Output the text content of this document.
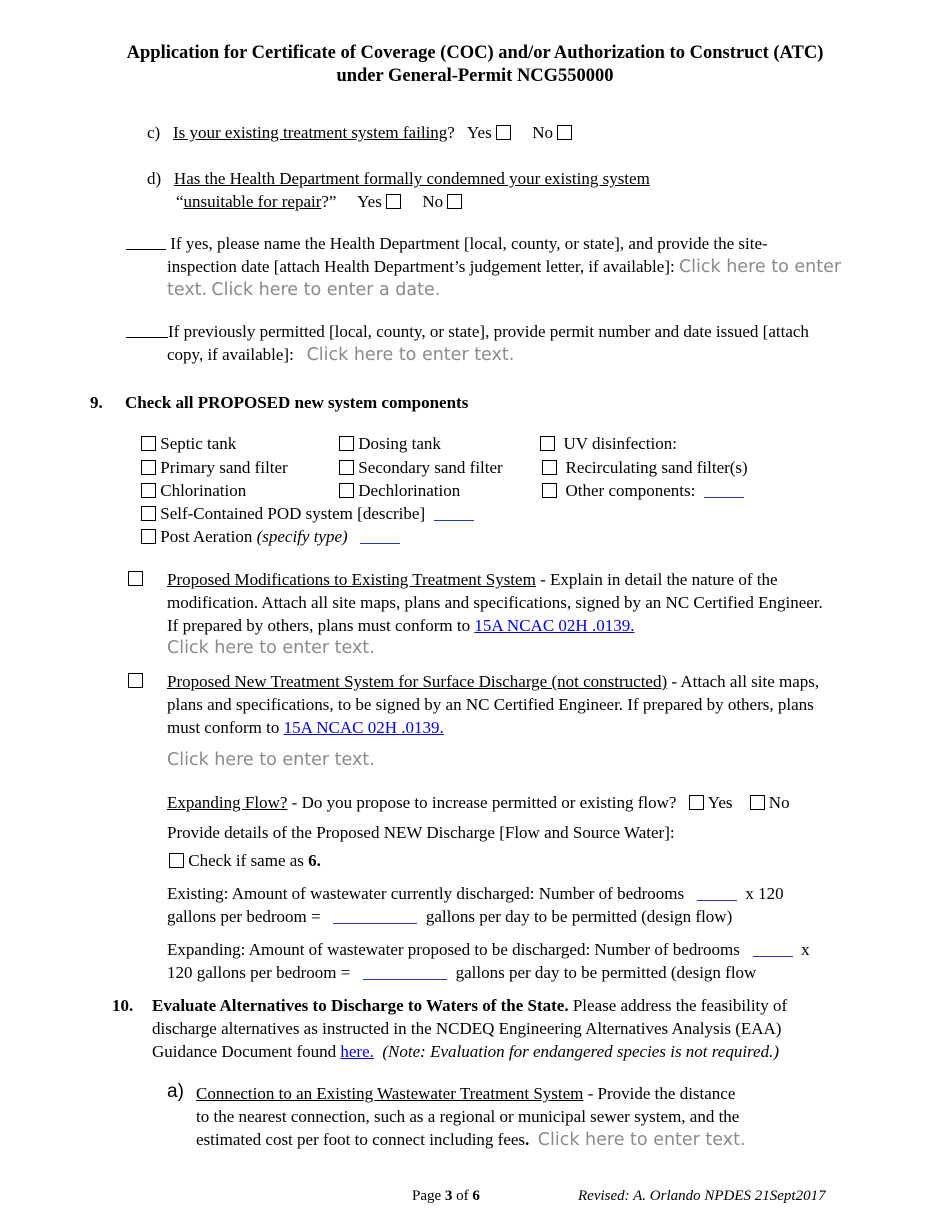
Application for Certificate of Coverage (COC) and/or Authorization to Construct (ATC)
under General-Permit NCG550000
c) Is your existing treatment system failing? Yes No
d) Has the Health Department formally condemned your existing system
“unsuitable for repair?” Yes No
If yes, please name the Health Department [local, county, or state], and provide the site-
inspection date [attach Health Department’s judgement letter, if available]: Click here to enter
text. Click here to enter a date.
If previously permitted [local, county, or state], provide permit number and date issued [attach
copy, if available]: Click here to enter text.
9. Check all PROPOSED new system components
Septic tank	Dosing tank	UV disinfection:
Primary sand filter	Secondary sand filter	Recirculating sand filter(s)
Chlorination	Dechlorination	Other components:
Self-Contained POD system [describe]
Post Aeration (specify type)
Proposed Modifications to Existing Treatment System - Explain in detail the nature of the
modification. Attach all site maps, plans and specifications, signed by an NC Certified Engineer.
If prepared by others, plans must conform to 15A NCAC 02H .0139.
Click here to enter text.
Proposed New Treatment System for Surface Discharge (not constructed) - Attach all site maps,
plans and specifications, to be signed by an NC Certified Engineer. If prepared by others, plans
must conform to 15A NCAC 02H .0139.
Click here to enter text.
Expanding Flow? - Do you propose to increase permitted or existing flow? Yes No
Provide details of the Proposed NEW Discharge [Flow and Source Water]:
Check if same as 6.
Existing: Amount of wastewater currently discharged: Number of bedrooms	x 120
gallons per bedroom =	gallons per day to be permitted (design flow)
Expanding: Amount of wastewater proposed to be discharged: Number of bedrooms	x
120 gallons per bedroom =	gallons per day to be permitted (design flow
10. Evaluate Alternatives to Discharge to Waters of the State. Please address the feasibility of
discharge alternatives as instructed in the NCDEQ Engineering Alternatives Analysis (EAA)
Guidance Document found here. (Note: Evaluation for endangered species is not required.)
a) Connection to an Existing Wastewater Treatment System - Provide the distance
to the nearest connection, such as a regional or municipal sewer system, and the
estimated cost per foot to connect including fees. Click here to enter text.
Page 3 of 6	Revised: A. Orlando NPDES 21Sept2017
